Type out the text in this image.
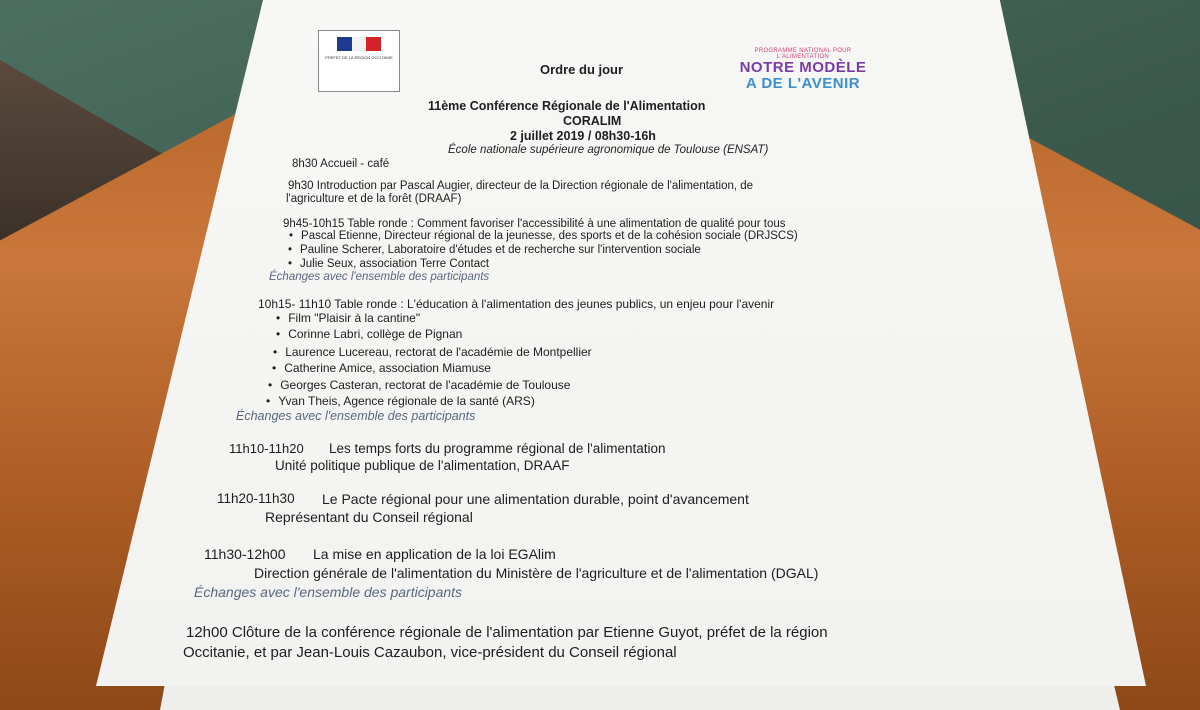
PRÉFET DE LA RÉGION OCCITANIE
PROGRAMME NATIONAL POUR L'ALIMENTATION
NOTRE MODÈLE
A DE L'AVENIR
Ordre du jour
11ème Conférence Régionale de l'Alimentation
CORALIM
2 juillet 2019 / 08h30-16h
École nationale supérieure agronomique de Toulouse (ENSAT)
8h30 Accueil - café
9h30 Introduction par Pascal Augier, directeur de la Direction régionale de l'alimentation, de
l'agriculture et de la forêt (DRAAF)
9h45-10h15 Table ronde : Comment favoriser l'accessibilité à une alimentation de qualité pour tous
• Pascal Etienne, Directeur régional de la jeunesse, des sports et de la cohésion sociale (DRJSCS)
• Pauline Scherer, Laboratoire d'études et de recherche sur l'intervention sociale
• Julie Seux, association Terre Contact
Échanges avec l'ensemble des participants
10h15- 11h10 Table ronde : L'éducation à l'alimentation des jeunes publics, un enjeu pour l'avenir
• Film "Plaisir à la cantine"
• Corinne Labri, collège de Pignan
• Laurence Lucereau, rectorat de l'académie de Montpellier
• Catherine Amice, association Miamuse
• Georges Casteran, rectorat de l'académie de Toulouse
• Yvan Theis, Agence régionale de la santé (ARS)
Échanges avec l'ensemble des participants
11h10-11h20 Les temps forts du programme régional de l'alimentation
Unité politique publique de l'alimentation, DRAAF
11h20-11h30 Le Pacte régional pour une alimentation durable, point d'avancement
Représentant du Conseil régional
11h30-12h00 La mise en application de la loi EGAlim
Direction générale de l'alimentation du Ministère de l'agriculture et de l'alimentation (DGAL)
Échanges avec l'ensemble des participants
12h00 Clôture de la conférence régionale de l'alimentation par Etienne Guyot, préfet de la région
Occitanie, et par Jean-Louis Cazaubon, vice-président du Conseil régional
